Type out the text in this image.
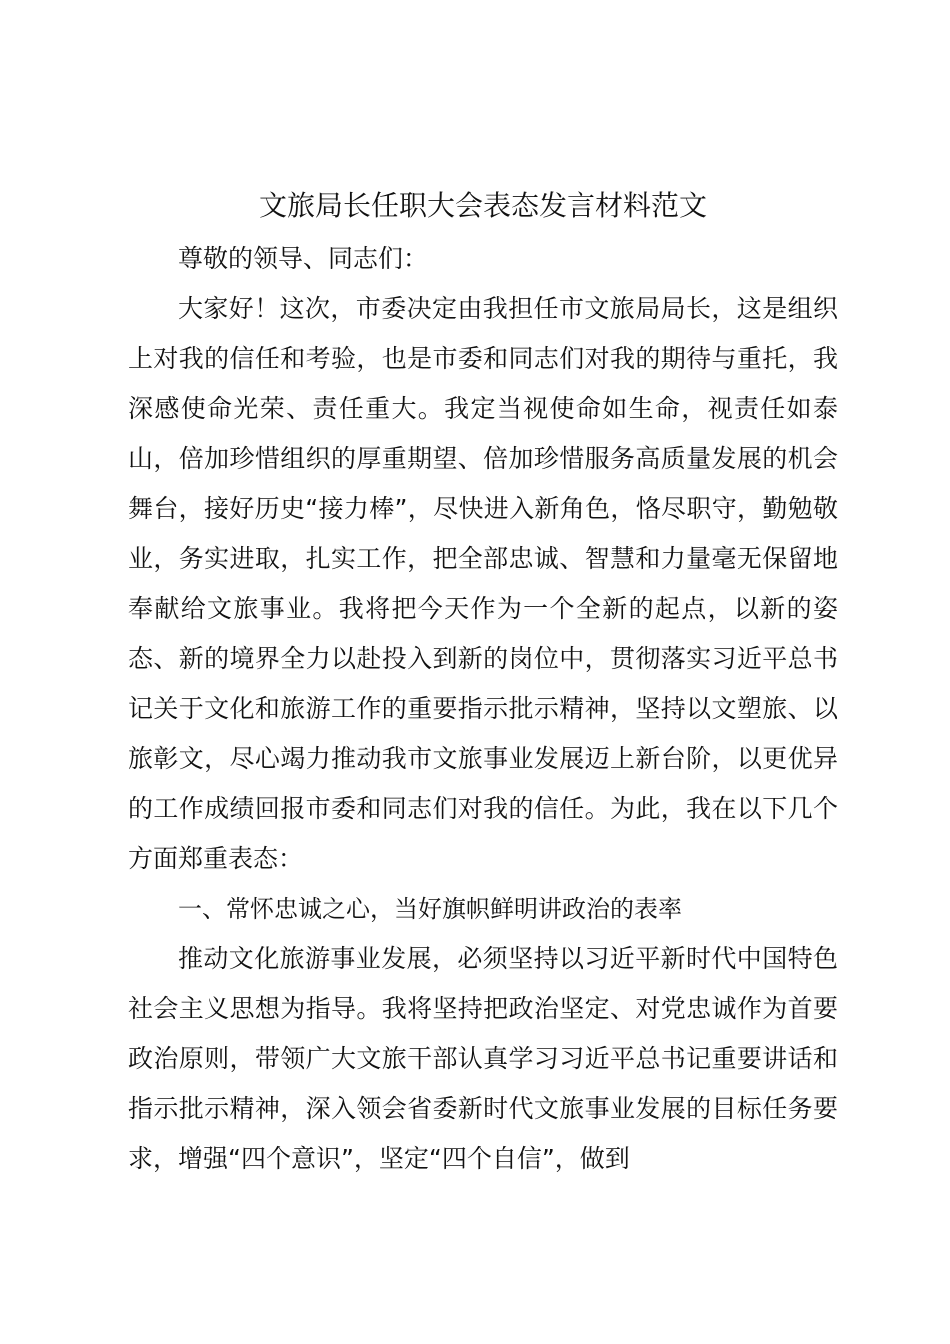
文旅局长任职大会表态发言材料范文

尊敬的领导、同志们：

大家好！这次，市委决定由我担任市文旅局局长，这是组织上对我的信任和考验，也是市委和同志们对我的期待与重托，我深感使命光荣、责任重大。我定当视使命如生命，视责任如泰山，倍加珍惜组织的厚重期望、倍加珍惜服务高质量发展的机会舞台，接好历史“接力棒”，尽快进入新角色，恪尽职守，勤勉敬业，务实进取，扎实工作，把全部忠诚、智慧和力量毫无保留地奉献给文旅事业。我将把今天作为一个全新的起点，以新的姿态、新的境界全力以赴投入到新的岗位中，贯彻落实习近平总书记关于文化和旅游工作的重要指示批示精神，坚持以文塑旅、以旅彰文，尽心竭力推动我市文旅事业发展迈上新台阶，以更优异的工作成绩回报市委和同志们对我的信任。为此，我在以下几个方面郑重表态：

一、常怀忠诚之心，当好旗帜鲜明讲政治的表率

推动文化旅游事业发展，必须坚持以习近平新时代中国特色社会主义思想为指导。我将坚持把政治坚定、对党忠诚作为首要政治原则，带领广大文旅干部认真学习习近平总书记重要讲话和指示批示精神，深入领会省委新时代文旅事业发展的目标任务要求，增强“四个意识”，坚定“四个自信”，做到
